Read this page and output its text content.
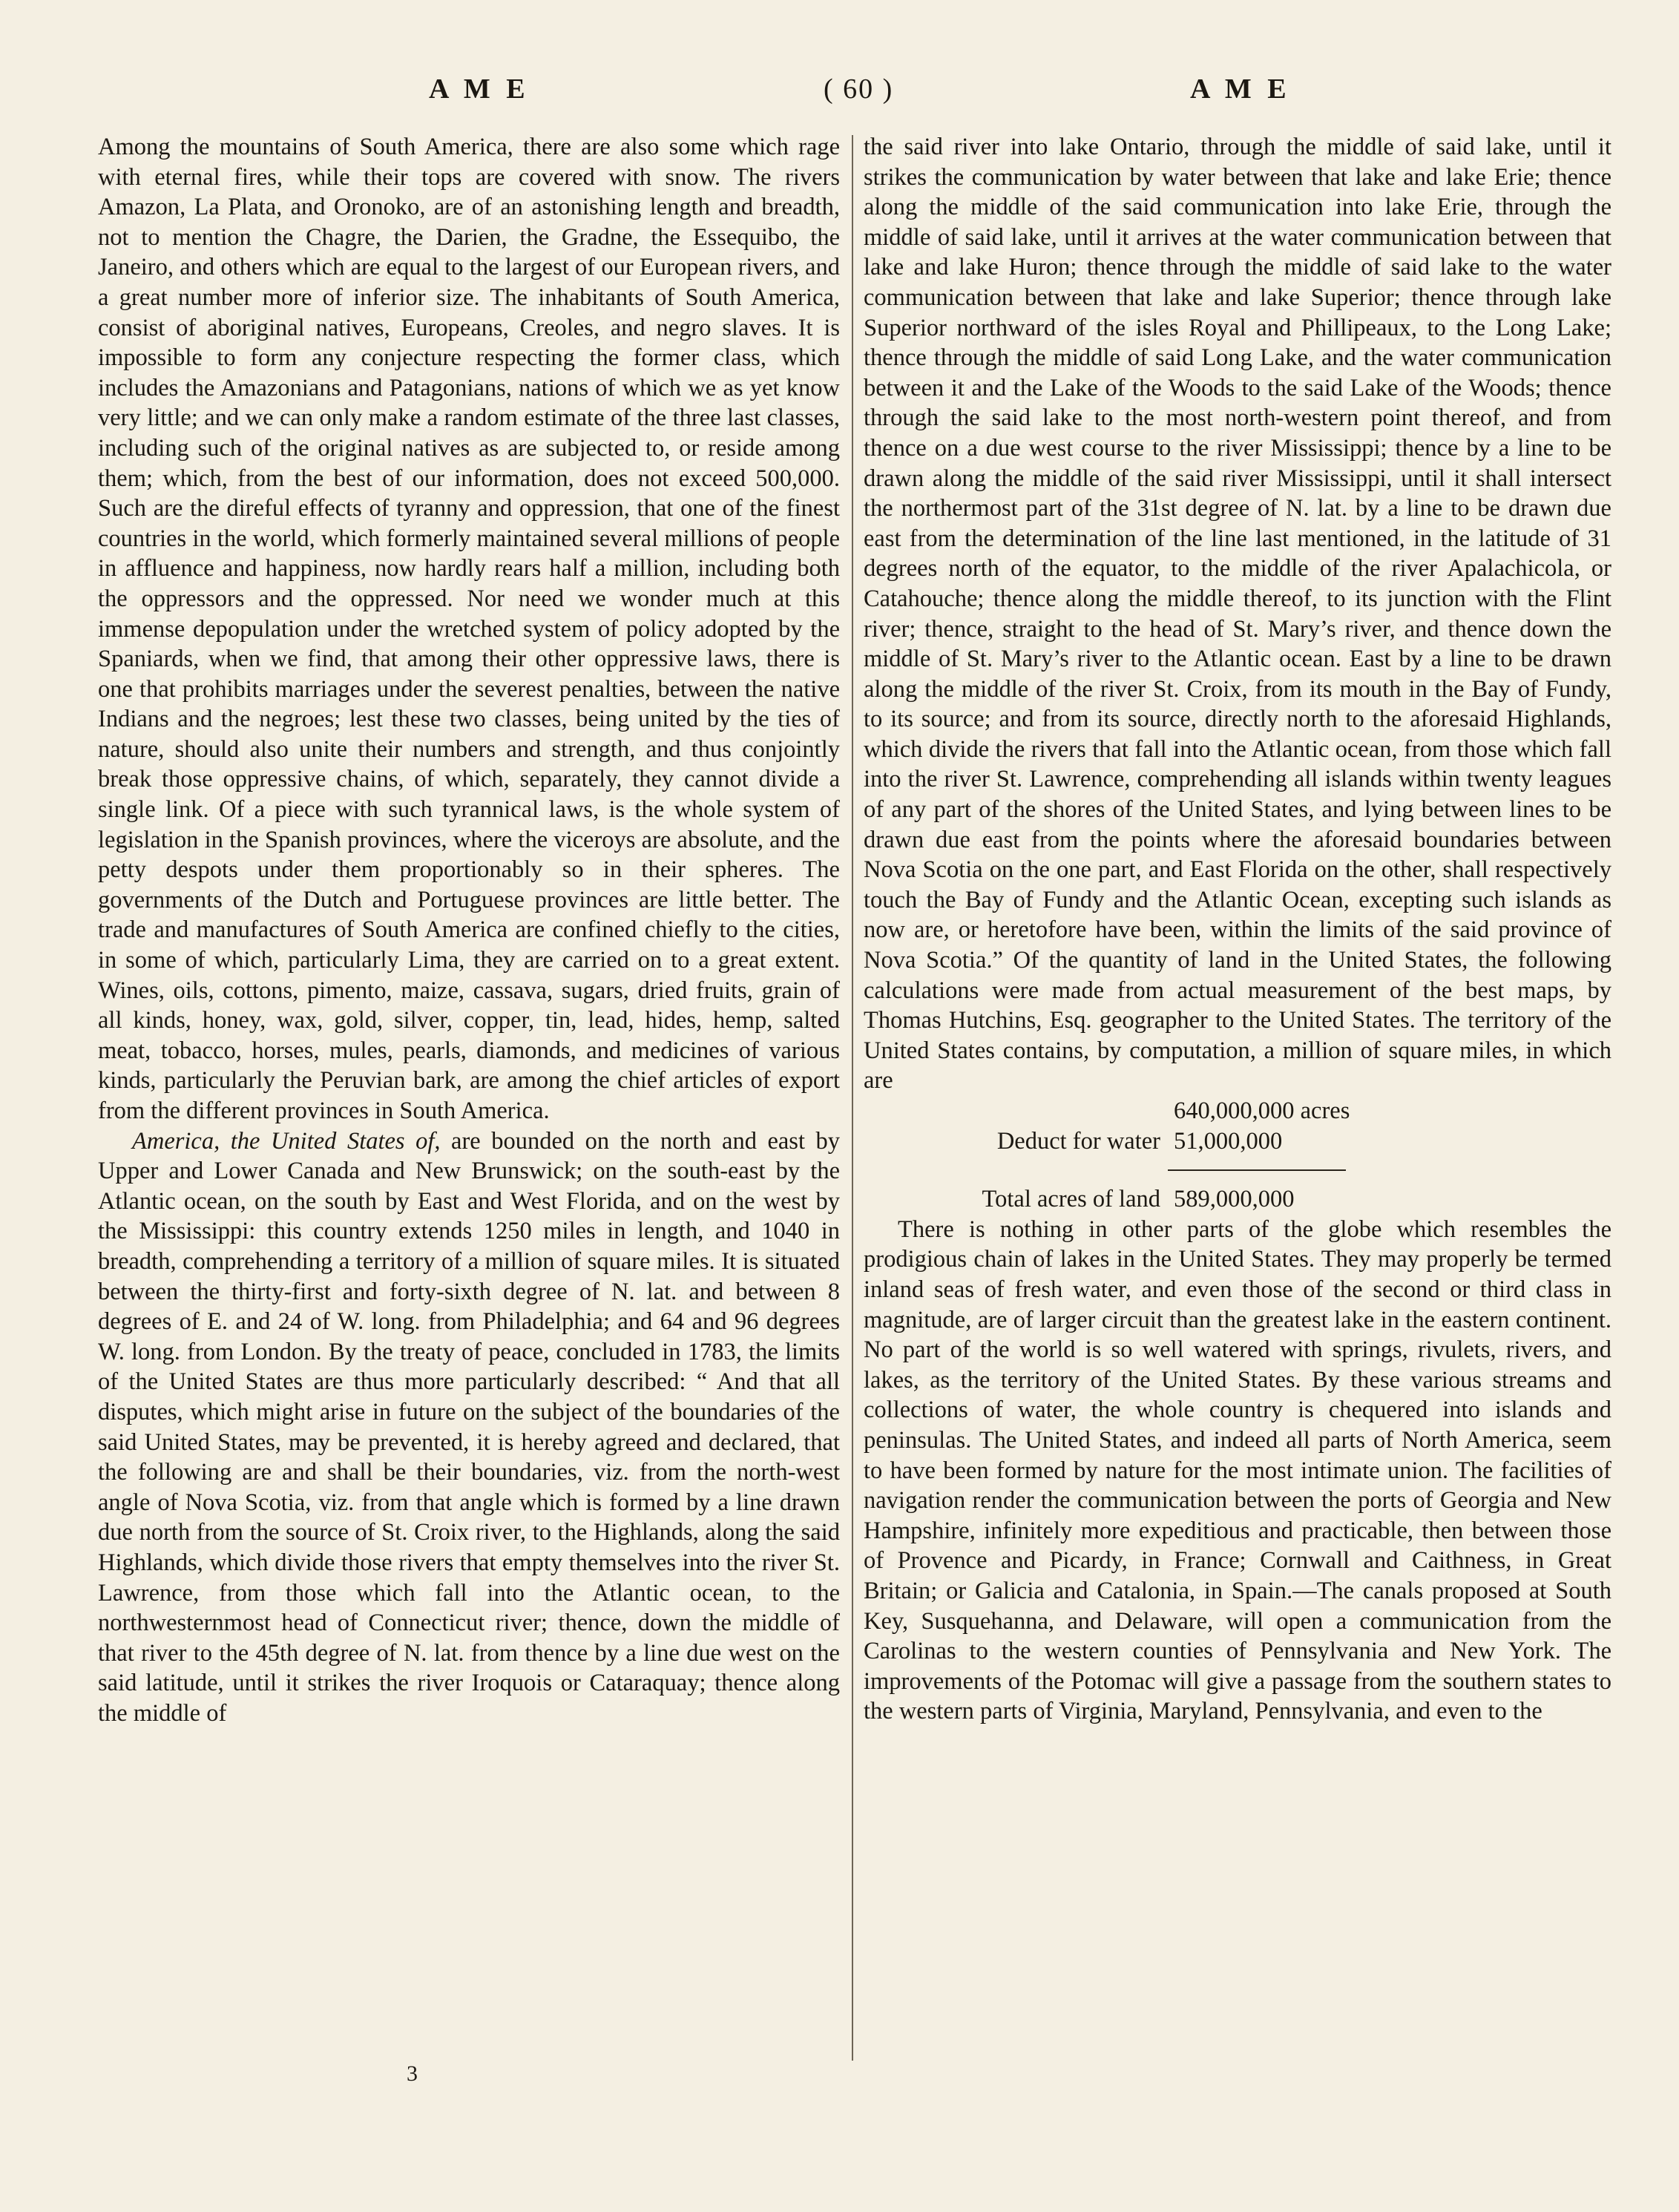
A M E	( 60 )	A M E

Among the mountains of South America, there are also some which rage with eternal fires, while their tops are covered with snow. The rivers Amazon, La Plata, and Oronoko, are of an astonishing length and breadth, not to mention the Chagre, the Darien, the Gradne, the Essequibo, the Janeiro, and others which are equal to the largest of our European rivers, and a great number more of inferior size. The inhabitants of South America, consist of aboriginal natives, Europeans, Creoles, and negro slaves. It is impossible to form any conjecture respecting the former class, which includes the Amazonians and Patagonians, nations of which we as yet know very little; and we can only make a random estimate of the three last classes, including such of the original natives as are subjected to, or reside among them; which, from the best of our information, does not exceed 500,000. Such are the direful effects of tyranny and oppression, that one of the finest countries in the world, which formerly maintained several millions of people in affluence and happiness, now hardly rears half a million, including both the oppressors and the oppressed. Nor need we wonder much at this immense depopulation under the wretched system of policy adopted by the Spaniards, when we find, that among their other oppressive laws, there is one that prohibits marriages under the severest penalties, between the native Indians and the negroes; lest these two classes, being united by the ties of nature, should also unite their numbers and strength, and thus conjointly break those oppressive chains, of which, separately, they cannot divide a single link. Of a piece with such tyrannical laws, is the whole system of legislation in the Spanish provinces, where the viceroys are absolute, and the petty despots under them proportionably so in their spheres. The governments of the Dutch and Portuguese provinces are little better. The trade and manufactures of South America are confined chiefly to the cities, in some of which, particularly Lima, they are carried on to a great extent. Wines, oils, cottons, pimento, maize, cassava, sugars, dried fruits, grain of all kinds, honey, wax, gold, silver, copper, tin, lead, hides, hemp, salted meat, tobacco, horses, mules, pearls, diamonds, and medicines of various kinds, particularly the Peruvian bark, are among the chief articles of export from the different provinces in South America.

America, the United States of, are bounded on the north and east by Upper and Lower Canada and New Brunswick; on the south-east by the Atlantic ocean, on the south by East and West Florida, and on the west by the Mississippi: this country extends 1250 miles in length, and 1040 in breadth, comprehending a territory of a million of square miles. It is situated between the thirty-first and forty-sixth degree of N. lat. and between 8 degrees of E. and 24 of W. long. from Philadelphia; and 64 and 96 degrees W. long. from London. By the treaty of peace, concluded in 1783, the limits of the United States are thus more particularly described: “ And that all disputes, which might arise in future on the subject of the boundaries of the said United States, may be prevented, it is hereby agreed and declared, that the following are and shall be their boundaries, viz. from the north-west angle of Nova Scotia, viz. from that angle which is formed by a line drawn due north from the source of St. Croix river, to the Highlands, along the said Highlands, which divide those rivers that empty themselves into the river St. Lawrence, from those which fall into the Atlantic ocean, to the northwesternmost head of Connecticut river; thence, down the middle of that river to the 45th degree of N. lat. from thence by a line due west on the said latitude, until it strikes the river Iroquois or Cataraquay; thence along the middle of

the said river into lake Ontario, through the middle of said lake, until it strikes the communication by water between that lake and lake Erie; thence along the middle of the said communication into lake Erie, through the middle of said lake, until it arrives at the water communication between that lake and lake Huron; thence through the middle of said lake to the water communication between that lake and lake Superior; thence through lake Superior northward of the isles Royal and Phillipeaux, to the Long Lake; thence through the middle of said Long Lake, and the water communication between it and the Lake of the Woods to the said Lake of the Woods; thence through the said lake to the most north-western point thereof, and from thence on a due west course to the river Mississippi; thence by a line to be drawn along the middle of the said river Mississippi, until it shall intersect the northermost part of the 31st degree of N. lat. by a line to be drawn due east from the determination of the line last mentioned, in the latitude of 31 degrees north of the equator, to the middle of the river Apalachicola, or Catahouche; thence along the middle thereof, to its junction with the Flint river; thence, straight to the head of St. Mary’s river, and thence down the middle of St. Mary’s river to the Atlantic ocean. East by a line to be drawn along the middle of the river St. Croix, from its mouth in the Bay of Fundy, to its source; and from its source, directly north to the aforesaid Highlands, which divide the rivers that fall into the Atlantic ocean, from those which fall into the river St. Lawrence, comprehending all islands within twenty leagues of any part of the shores of the United States, and lying between lines to be drawn due east from the points where the aforesaid boundaries between Nova Scotia on the one part, and East Florida on the other, shall respectively touch the Bay of Fundy and the Atlantic Ocean, excepting such islands as now are, or heretofore have been, within the limits of the said province of Nova Scotia.” Of the quantity of land in the United States, the following calculations were made from actual measurement of the best maps, by Thomas Hutchins, Esq. geographer to the United States. The territory of the United States contains, by computation, a million of square miles, in which are

640,000,000 acres
Deduct for water 51,000,000
Total acres of land 589,000,000

There is nothing in other parts of the globe which resembles the prodigious chain of lakes in the United States. They may properly be termed inland seas of fresh water, and even those of the second or third class in magnitude, are of larger circuit than the greatest lake in the eastern continent. No part of the world is so well watered with springs, rivulets, rivers, and lakes, as the territory of the United States. By these various streams and collections of water, the whole country is chequered into islands and peninsulas. The United States, and indeed all parts of North America, seem to have been formed by nature for the most intimate union. The facilities of navigation render the communication between the ports of Georgia and New Hampshire, infinitely more expeditious and practicable, then between those of Provence and Picardy, in France; Cornwall and Caithness, in Great Britain; or Galicia and Catalonia, in Spain.—The canals proposed at South Key, Susquehanna, and Delaware, will open a communication from the Carolinas to the western counties of Pennsylvania and New York. The improvements of the Potomac will give a passage from the southern states to the western parts of Virginia, Maryland, Pennsylvania, and even to the

3
